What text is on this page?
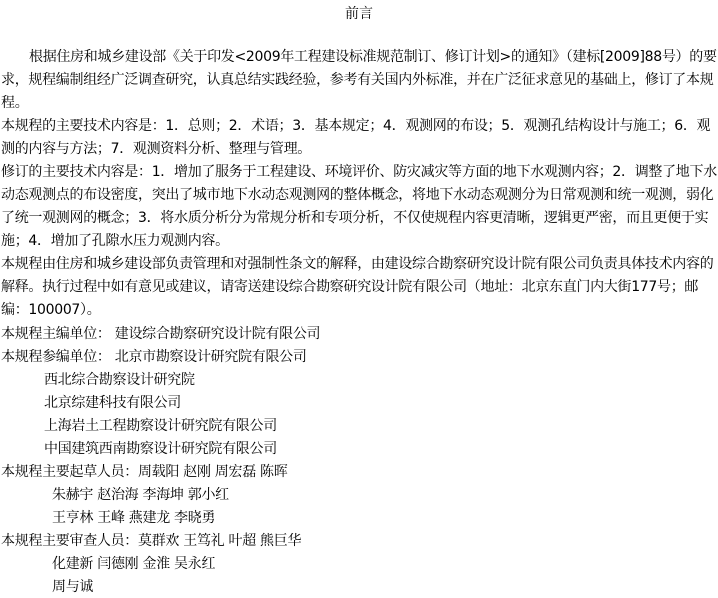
前言

根据住房和城乡建设部《关于印发<2009年工程建设标准规范制订、修订计划>的通知》（建标[2009]88号）的要求，规程编制组经广泛调查研究，认真总结实践经验，参考有关国内外标准，并在广泛征求意见的基础上，修订了本规程。

本规程的主要技术内容是：1．总则；2．术语；3．基本规定；4．观测网的布设；5．观测孔结构设计与施工；6．观测的内容与方法；7．观测资料分析、整理与管理。

修订的主要技术内容是：1．增加了服务于工程建设、环境评价、防灾减灾等方面的地下水观测内容；2．调整了地下水动态观测点的布设密度，突出了城市地下水动态观测网的整体概念，将地下水动态观测分为日常观测和统一观测，弱化了统一观测网的概念；3．将水质分析分为常规分析和专项分析，不仅使规程内容更清晰，逻辑更严密，而且更便于实施；4．增加了孔隙水压力观测内容。

本规程由住房和城乡建设部负责管理和对强制性条文的解释，由建设综合勘察研究设计院有限公司负责具体技术内容的解释。执行过程中如有意见或建议，请寄送建设综合勘察研究设计院有限公司（地址：北京东直门内大街177号；邮编：100007）。

本规程主编单位： 建设综合勘察研究设计院有限公司
本规程参编单位： 北京市勘察设计研究院有限公司
西北综合勘察设计研究院
北京综建科技有限公司
上海岩土工程勘察设计研究院有限公司
中国建筑西南勘察设计研究院有限公司
本规程主要起草人员：周载阳 赵刚 周宏磊 陈晖
朱赫宇 赵治海 李海坤 郭小红
王亨林 王峰 燕建龙 李晓勇
本规程主要审查人员：莫群欢 王笃礼 叶超 熊巨华
化建新 闫德刚 金淮 吴永红
周与诚
